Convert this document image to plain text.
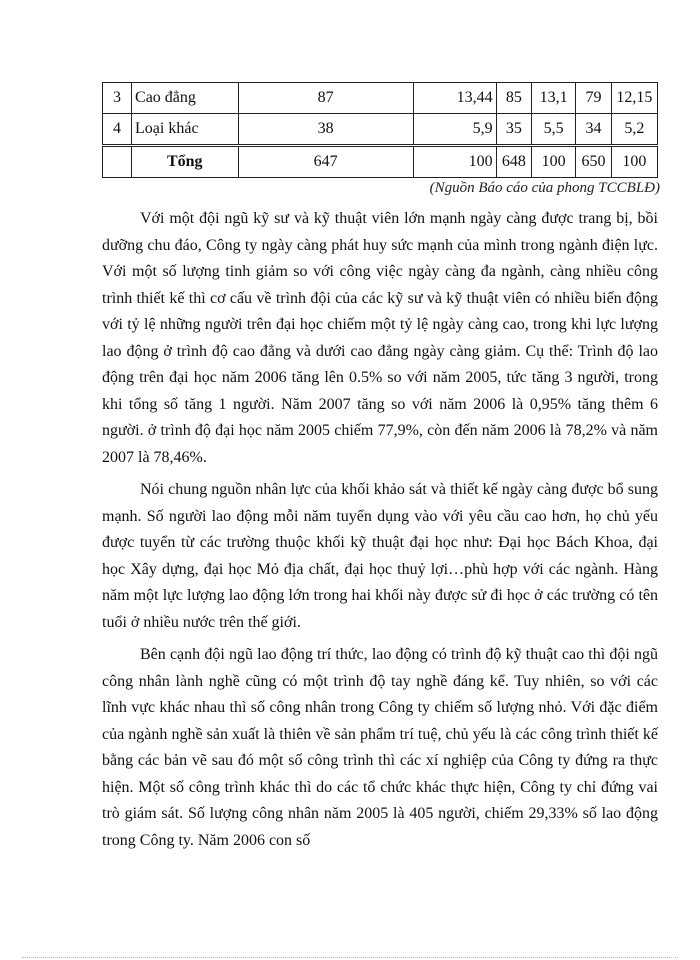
3	Cao đẳng	87	13,44	85	13,1	79	12,15
4	Loại khác	38	5,9	35	5,5	34	5,2
	Tổng	647	100	648	100	650	100
(Nguồn Báo cáo của phong TCCBLĐ)

Với một đội ngũ kỹ sư và kỹ thuật viên lớn mạnh ngày càng được trang bị, bồi dưỡng chu đáo, Công ty ngày càng phát huy sức mạnh của mình trong ngành điện lực. Với một số lượng tinh giảm so với công việc ngày càng đa ngành, càng nhiều công trình thiết kế thì cơ cấu về trình đội của các kỹ sư và kỹ thuật viên có nhiều biến động với tỷ lệ những người trên đại học chiếm một tỷ lệ ngày càng cao, trong khi lực lượng lao động ở trình độ cao đẳng và dưới cao đẳng ngày càng giảm. Cụ thể: Trình độ lao động trên đại học năm 2006 tăng lên 0.5% so với năm 2005, tức tăng 3 người, trong khi tổng số tăng 1 người. Năm 2007 tăng so với năm 2006 là 0,95% tăng thêm 6 người. ở trình độ đại học năm 2005 chiếm 77,9%, còn đến năm 2006 là 78,2% và năm 2007 là 78,46%.

Nói chung nguồn nhân lực của khối khảo sát và thiết kế ngày càng được bổ sung mạnh. Số người lao động mỗi năm tuyển dụng vào với yêu cầu cao hơn, họ chủ yếu được tuyển từ các trường thuộc khối kỹ thuật đại học như: Đại học Bách Khoa, đại học Xây dựng, đại học Mỏ địa chất, đại học thuỷ lợi…phù hợp với các ngành. Hàng năm một lực lượng lao động lớn trong hai khối này được sử đi học ở các trường có tên tuổi ở nhiều nước trên thế giới.

Bên cạnh đội ngũ lao động trí thức, lao động có trình độ kỹ thuật cao thì đội ngũ công nhân lành nghề cũng có một trình độ tay nghề đáng kể. Tuy nhiên, so với các lĩnh vực khác nhau thì số công nhân trong Công ty chiếm số lượng nhỏ. Với đặc điểm của ngành nghề sản xuất là thiên về sản phẩm trí tuệ, chủ yếu là các công trình thiết kế bằng các bản vẽ sau đó một số công trình thì các xí nghiệp của Công ty đứng ra thực hiện. Một số công trình khác thì do các tổ chức khác thực hiện, Công ty chỉ đứng vai trò giám sát. Số lượng công nhân năm 2005 là 405 người, chiếm 29,33% số lao động trong Công ty. Năm 2006 con số
